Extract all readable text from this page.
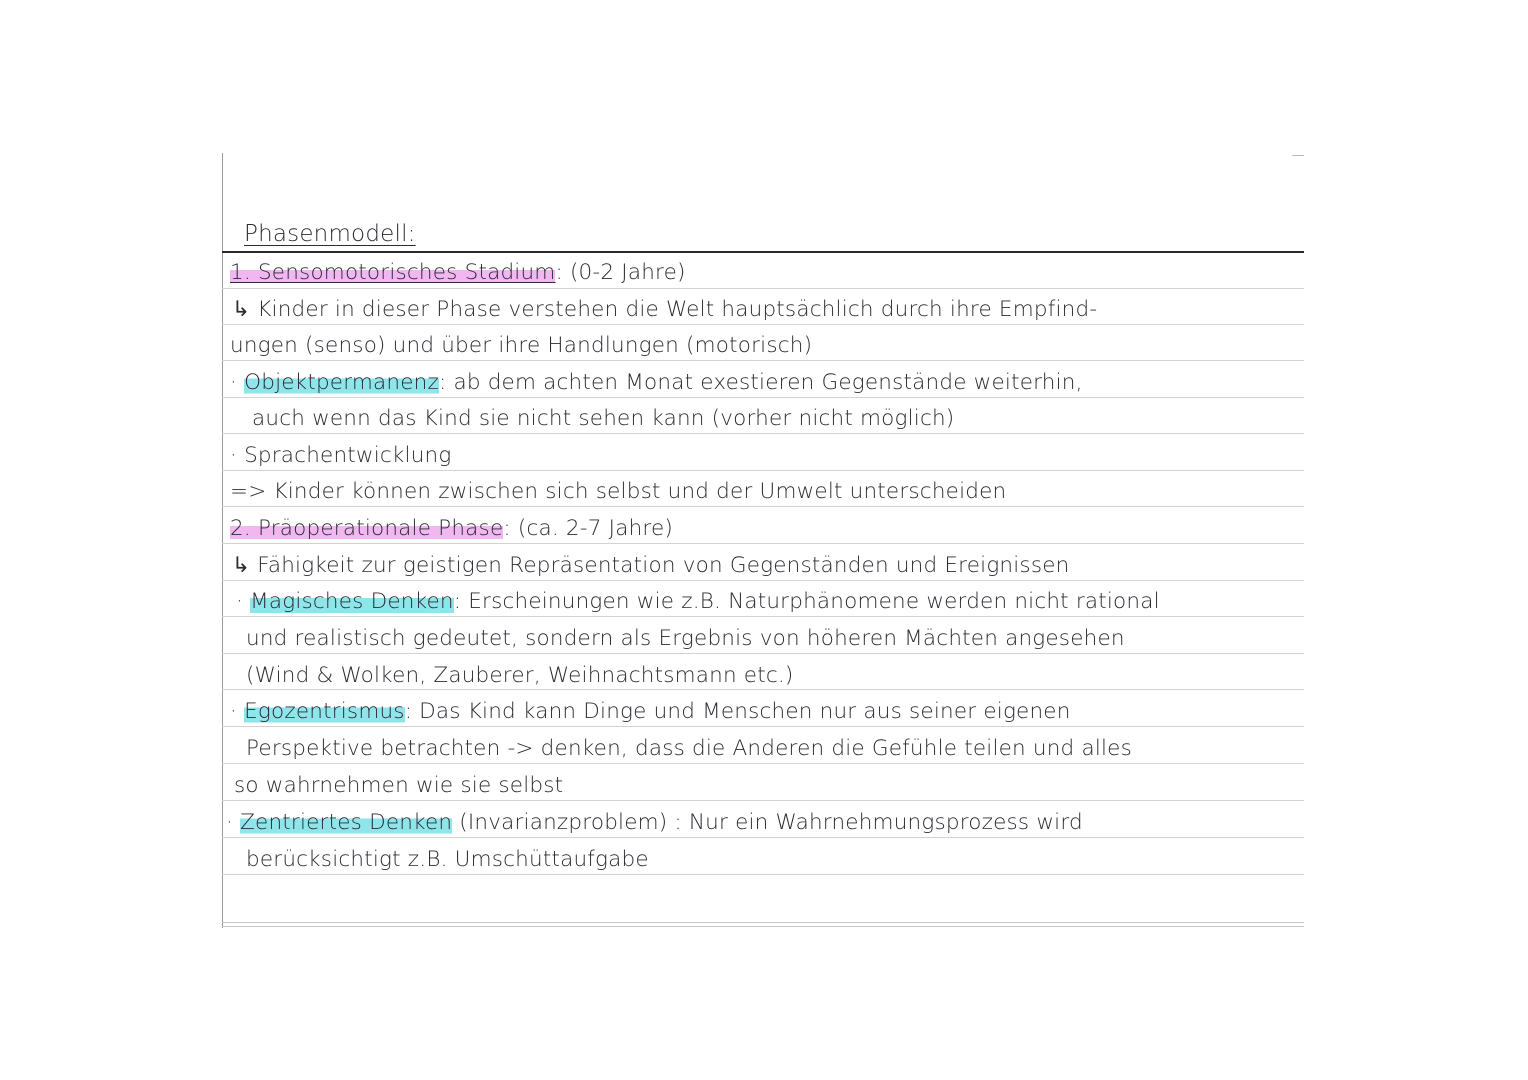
Phasenmodell:
1. Sensomotorisches Stadium: (0-2 Jahre)
↳ Kinder in dieser Phase verstehen die Welt hauptsächlich durch ihre Empfind-
ungen (senso) und über ihre Handlungen (motorisch)
· Objektpermanenz: ab dem achten Monat exestieren Gegenstände weiterhin,
auch wenn das Kind sie nicht sehen kann (vorher nicht möglich)
· Sprachentwicklung
=> Kinder können zwischen sich selbst und der Umwelt unterscheiden
2. Präoperationale Phase: (ca. 2-7 Jahre)
↳ Fähigkeit zur geistigen Repräsentation von Gegenständen und Ereignissen
· Magisches Denken: Erscheinungen wie z.B. Naturphänomene werden nicht rational
und realistisch gedeutet, sondern als Ergebnis von höheren Mächten angesehen
(Wind & Wolken, Zauberer, Weihnachtsmann etc.)
· Egozentrismus: Das Kind kann Dinge und Menschen nur aus seiner eigenen
Perspektive betrachten -> denken, dass die Anderen die Gefühle teilen und alles
so wahrnehmen wie sie selbst
· Zentriertes Denken (Invarianzproblem) : Nur ein Wahrnehmungsprozess wird
berücksichtigt z.B. Umschüttaufgabe
